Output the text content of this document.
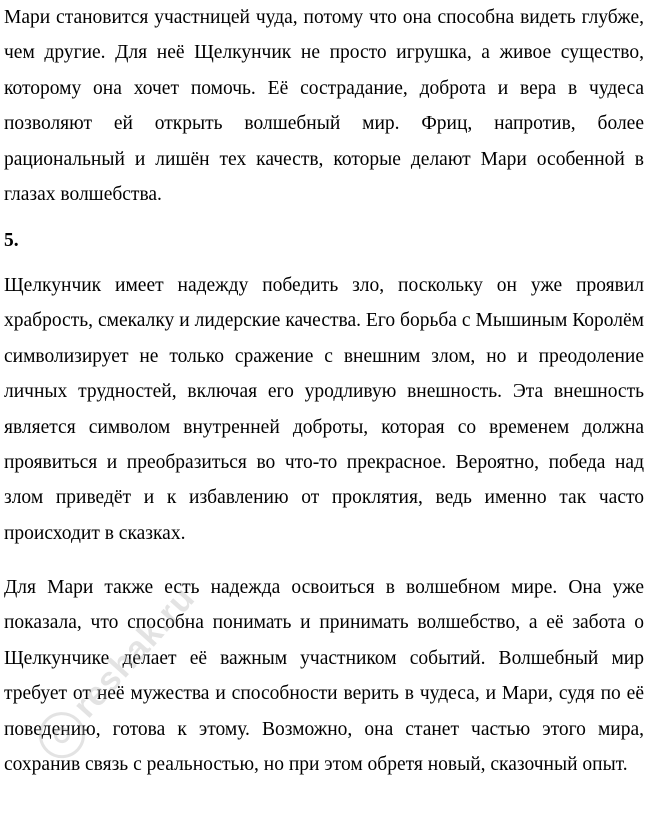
Мари становится участницей чуда, потому что она способна видеть глубже, чем другие. Для неё Щелкунчик не просто игрушка, а живое существо, которому она хочет помочь. Её сострадание, доброта и вера в чудеса позволяют ей открыть волшебный мир. Фриц, напротив, более рациональный и лишён тех качеств, которые делают Мари особенной в глазах волшебства.

5.

Щелкунчик имеет надежду победить зло, поскольку он уже проявил храбрость, смекалку и лидерские качества. Его борьба с Мышиным Королём символизирует не только сражение с внешним злом, но и преодоление личных трудностей, включая его уродливую внешность. Эта внешность является символом внутренней доброты, которая со временем должна проявиться и преобразиться во что-то прекрасное. Вероятно, победа над злом приведёт и к избавлению от проклятия, ведь именно так часто происходит в сказках.

Для Мари также есть надежда освоиться в волшебном мире. Она уже показала, что способна понимать и принимать волшебство, а её забота о Щелкунчике делает её важным участником событий. Волшебный мир требует от неё мужества и способности верить в чудеса, и Мари, судя по её поведению, готова к этому. Возможно, она станет частью этого мира, сохранив связь с реальностью, но при этом обретя новый, сказочный опыт.

reshak.ru
